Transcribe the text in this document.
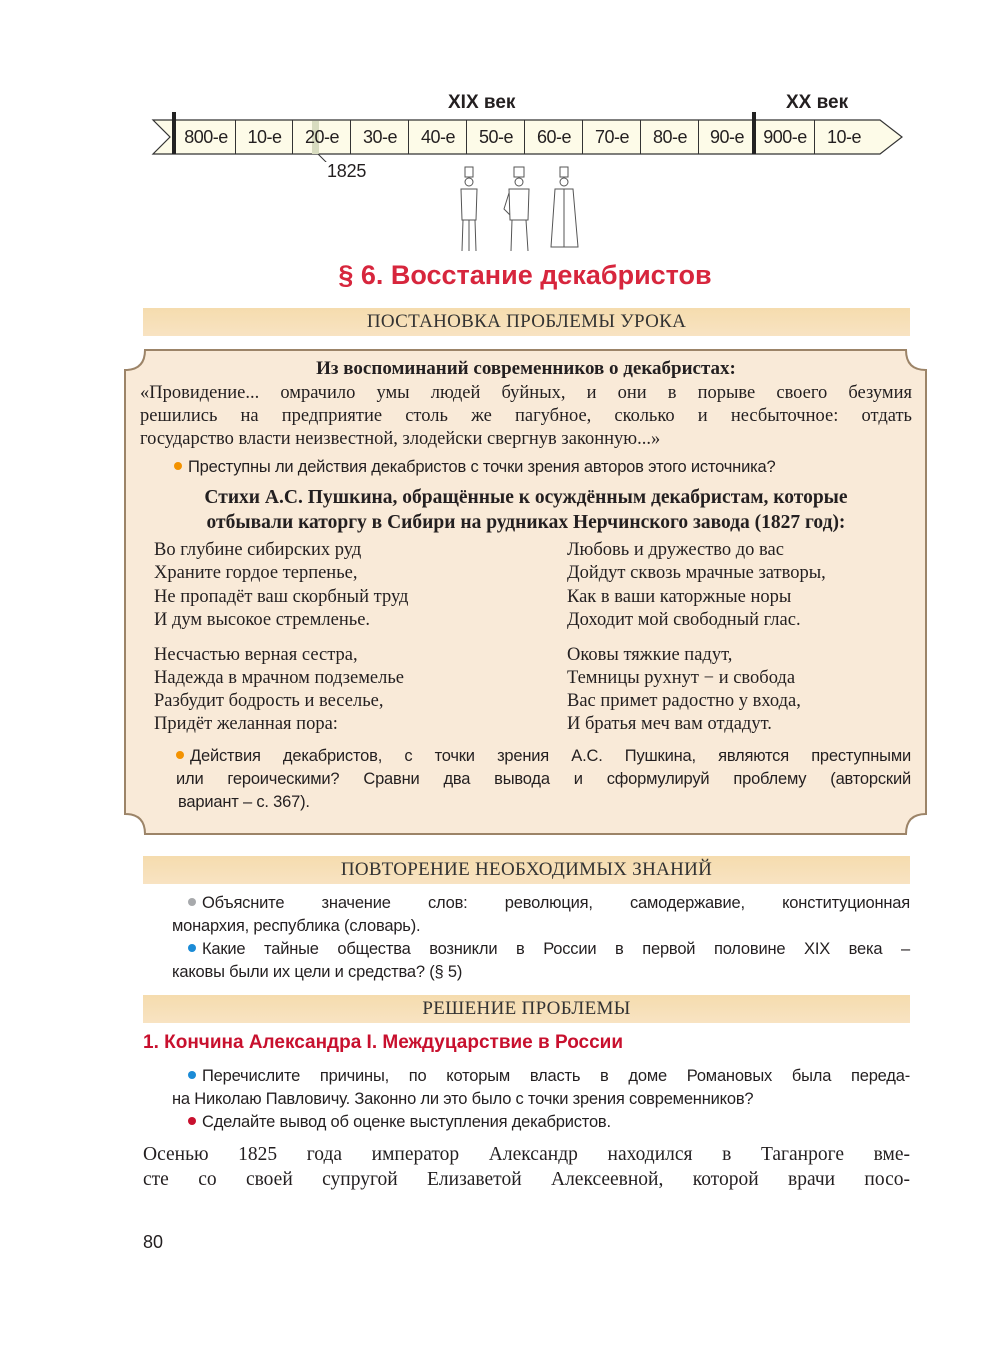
XIX век	XX век
800-е	10-е	20-е	30-е	40-е	50-е	60-е	70-е	80-е	90-е	900-е	10-е
1825
§ 6. Восстание декабристов
ПОСТАНОВКА ПРОБЛЕМЫ УРОКА
Из воспоминаний современников о декабристах:
«Провидение... омрачило умы людей буйных, и они в порыве своего безумия
решились на предприятие столь же пагубное, сколько и несбыточное: отдать
государство власти неизвестной, злодейски свергнув законную...»
Преступны ли действия декабристов с точки зрения авторов этого источника?
Стихи А.С. Пушкина, обращённые к осуждённым декабристам, которые
отбывали каторгу в Сибири на рудниках Нерчинского завода (1827 год):
Во глубине сибирских руд
Храните гордое терпенье,
Не пропадёт ваш скорбный труд
И дум высокое стремленье.
Несчастью верная сестра,
Надежда в мрачном подземелье
Разбудит бодрость и веселье,
Придёт желанная пора:
Любовь и дружество до вас
Дойдут сквозь мрачные затворы,
Как в ваши каторжные норы
Доходит мой свободный глас.
Оковы тяжкие падут,
Темницы рухнут − и свобода
Вас примет радостно у входа,
И братья меч вам отдадут.
Действия декабристов, с точки зрения А.С. Пушкина, являются преступными
или героическими? Сравни два вывода и сформулируй проблему (авторский
вариант – с. 367).
ПОВТОРЕНИЕ НЕОБХОДИМЫХ ЗНАНИЙ
Объясните значение слов: революция, самодержавие, конституционная
монархия, республика (словарь).
Какие тайные общества возникли в России в первой половине XIX века –
каковы были их цели и средства? (§ 5)
РЕШЕНИЕ ПРОБЛЕМЫ
1. Кончина Александра I. Междуцарствие в России
Перечислите причины, по которым власть в доме Романовых была переда-
на Николаю Павловичу. Законно ли это было с точки зрения современников?
Сделайте вывод об оценке выступления декабристов.
Осенью 1825 года император Александр находился в Таганроге вме-
сте со своей супругой Елизаветой Алексеевной, которой врачи посо-
80
